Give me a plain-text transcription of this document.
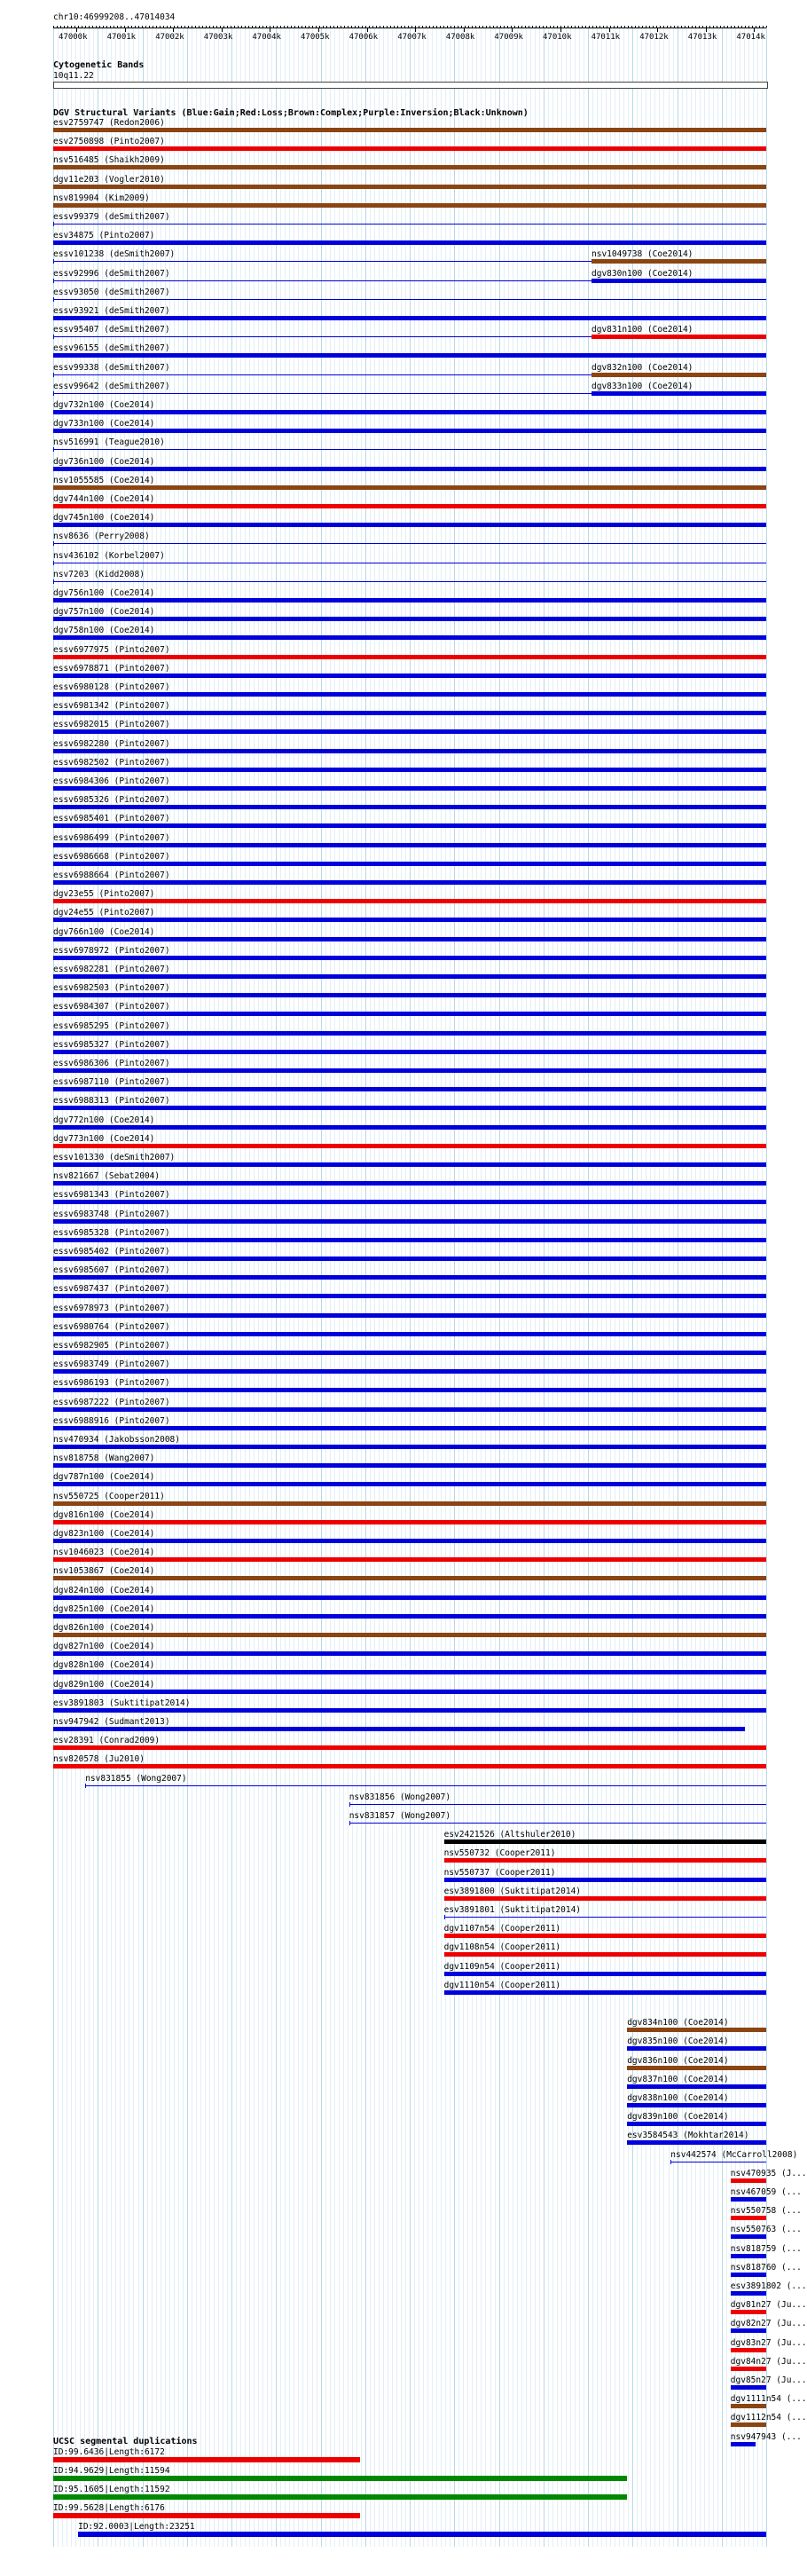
chr10:46999208..47014034
47000k 47001k 47002k 47003k 47004k 47005k 47006k 47007k 47008k 47009k 47010k 47011k 47012k 47013k 47014k
Cytogenetic Bands
10q11.22
DGV Structural Variants (Blue:Gain;Red:Loss;Brown:Complex;Purple:Inversion;Black:Unknown)
esv2759747 (Redon2006)
esv2750898 (Pinto2007)
nsv516485 (Shaikh2009)
dgv11e203 (Vogler2010)
nsv819904 (Kim2009)
essv99379 (deSmith2007)
esv34875 (Pinto2007)
essv101238 (deSmith2007)	nsv1049738 (Coe2014)
essv92996 (deSmith2007)	dgv830n100 (Coe2014)
essv93050 (deSmith2007)
essv93921 (deSmith2007)
essv95407 (deSmith2007)	dgv831n100 (Coe2014)
essv96155 (deSmith2007)
essv99338 (deSmith2007)	dgv832n100 (Coe2014)
essv99642 (deSmith2007)	dgv833n100 (Coe2014)
dgv732n100 (Coe2014)
dgv733n100 (Coe2014)
nsv516991 (Teague2010)
dgv736n100 (Coe2014)
nsv1055585 (Coe2014)
dgv744n100 (Coe2014)
dgv745n100 (Coe2014)
nsv8636 (Perry2008)
nsv436102 (Korbel2007)
nsv7203 (Kidd2008)
dgv756n100 (Coe2014)
dgv757n100 (Coe2014)
dgv758n100 (Coe2014)
essv6977975 (Pinto2007)
essv6978871 (Pinto2007)
essv6980128 (Pinto2007)
essv6981342 (Pinto2007)
essv6982015 (Pinto2007)
essv6982280 (Pinto2007)
essv6982502 (Pinto2007)
essv6984306 (Pinto2007)
essv6985326 (Pinto2007)
essv6985401 (Pinto2007)
essv6986499 (Pinto2007)
essv6986668 (Pinto2007)
essv6988664 (Pinto2007)
dgv23e55 (Pinto2007)
dgv24e55 (Pinto2007)
dgv766n100 (Coe2014)
essv6978972 (Pinto2007)
essv6982281 (Pinto2007)
essv6982503 (Pinto2007)
essv6984307 (Pinto2007)
essv6985295 (Pinto2007)
essv6985327 (Pinto2007)
essv6986306 (Pinto2007)
essv6987110 (Pinto2007)
essv6988313 (Pinto2007)
dgv772n100 (Coe2014)
dgv773n100 (Coe2014)
essv101330 (deSmith2007)
nsv821667 (Sebat2004)
essv6981343 (Pinto2007)
essv6983748 (Pinto2007)
essv6985328 (Pinto2007)
essv6985402 (Pinto2007)
essv6985607 (Pinto2007)
essv6987437 (Pinto2007)
essv6978973 (Pinto2007)
essv6980764 (Pinto2007)
essv6982905 (Pinto2007)
essv6983749 (Pinto2007)
essv6986193 (Pinto2007)
essv6987222 (Pinto2007)
essv6988916 (Pinto2007)
nsv470934 (Jakobsson2008)
nsv818758 (Wang2007)
dgv787n100 (Coe2014)
nsv550725 (Cooper2011)
dgv816n100 (Coe2014)
dgv823n100 (Coe2014)
nsv1046023 (Coe2014)
nsv1053867 (Coe2014)
dgv824n100 (Coe2014)
dgv825n100 (Coe2014)
dgv826n100 (Coe2014)
dgv827n100 (Coe2014)
dgv828n100 (Coe2014)
dgv829n100 (Coe2014)
esv3891803 (Suktitipat2014)
nsv947942 (Sudmant2013)
esv28391 (Conrad2009)
nsv820578 (Ju2010)
nsv831855 (Wong2007)
nsv831856 (Wong2007)
nsv831857 (Wong2007)
esv2421526 (Altshuler2010)
nsv550732 (Cooper2011)
nsv550737 (Cooper2011)
esv3891800 (Suktitipat2014)
esv3891801 (Suktitipat2014)
dgv1107n54 (Cooper2011)
dgv1108n54 (Cooper2011)
dgv1109n54 (Cooper2011)
dgv1110n54 (Cooper2011)
dgv834n100 (Coe2014)
dgv835n100 (Coe2014)
dgv836n100 (Coe2014)
dgv837n100 (Coe2014)
dgv838n100 (Coe2014)
dgv839n100 (Coe2014)
esv3584543 (Mokhtar2014)
nsv442574 (McCarroll2008)
nsv470935 (J...
nsv467059 (...
nsv550758 (...
nsv550763 (...
nsv818759 (...
nsv818760 (...
esv3891802 (...
dgv81n27 (Ju...
dgv82n27 (Ju...
dgv83n27 (Ju...
dgv84n27 (Ju...
dgv85n27 (Ju...
dgv1111n54 (...
dgv1112n54 (...
nsv947943 (...
UCSC segmental duplications
ID:99.6436|Length:6172
ID:94.9629|Length:11594
ID:95.1605|Length:11592
ID:99.5628|Length:6176
ID:92.0003|Length:23251
